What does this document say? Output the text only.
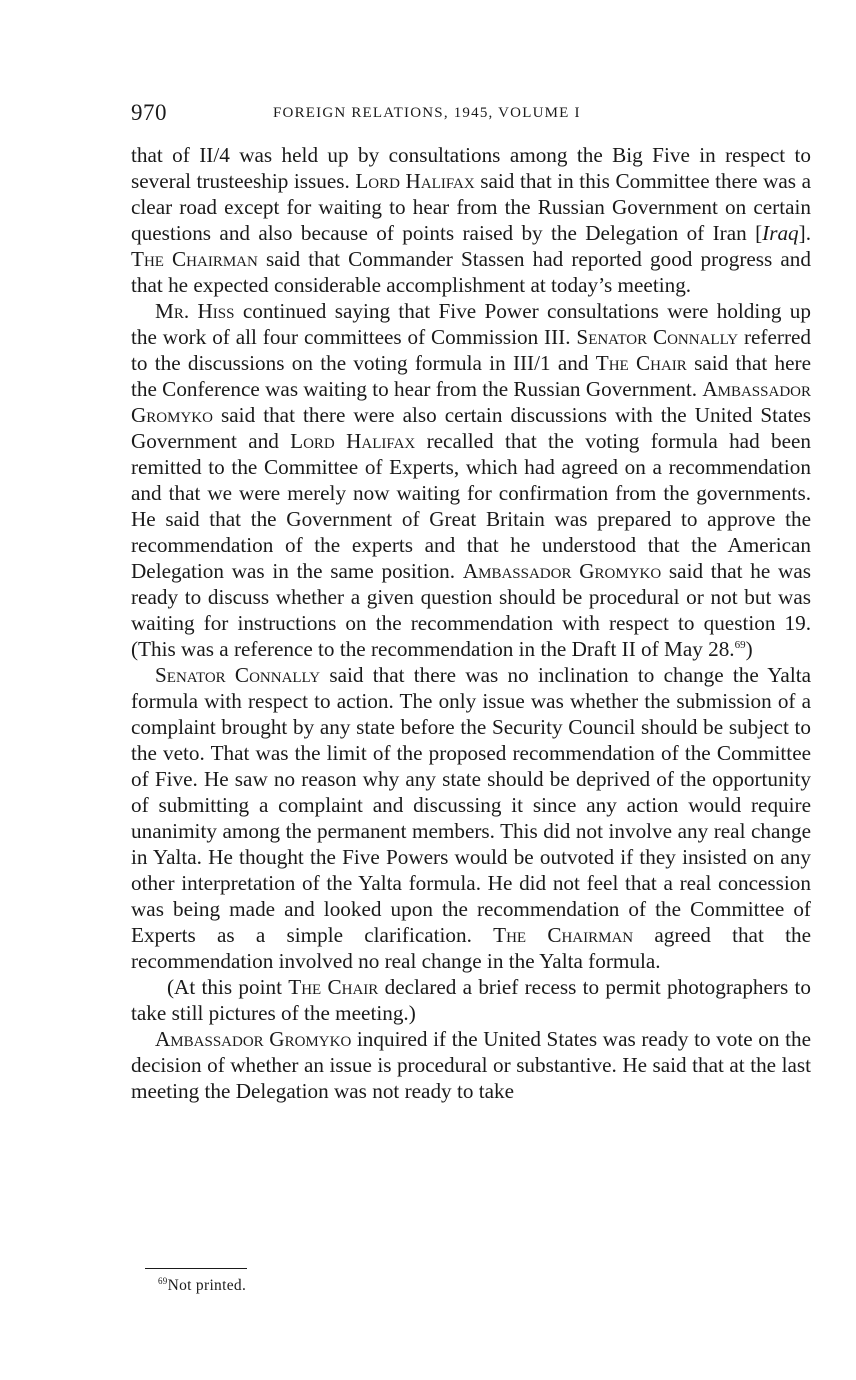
970	FOREIGN RELATIONS, 1945, VOLUME I

that of II/4 was held up by consultations among the Big Five in respect to several trusteeship issues. Lord Halifax said that in this Committee there was a clear road except for waiting to hear from the Russian Government on certain questions and also because of points raised by the Delegation of Iran [Iraq]. The Chairman said that Commander Stassen had reported good progress and that he expected considerable accomplishment at today’s meeting.

Mr. Hiss continued saying that Five Power consultations were holding up the work of all four committees of Commission III. Senator Connally referred to the discussions on the voting formula in III/1 and The Chair said that here the Conference was waiting to hear from the Russian Government. Ambassador Gromyko said that there were also certain discussions with the United States Government and Lord Halifax recalled that the voting formula had been remitted to the Committee of Experts, which had agreed on a recommendation and that we were merely now waiting for confirmation from the governments. He said that the Government of Great Britain was prepared to approve the recommendation of the experts and that he understood that the American Delegation was in the same position. Ambassador Gromyko said that he was ready to discuss whether a given question should be procedural or not but was waiting for instructions on the recommendation with respect to question 19. (This was a reference to the recommendation in the Draft II of May 28.69)

Senator Connally said that there was no inclination to change the Yalta formula with respect to action. The only issue was whether the submission of a complaint brought by any state before the Security Council should be subject to the veto. That was the limit of the proposed recommendation of the Committee of Five. He saw no reason why any state should be deprived of the opportunity of submitting a complaint and discussing it since any action would require unanimity among the permanent members. This did not involve any real change in Yalta. He thought the Five Powers would be outvoted if they insisted on any other interpretation of the Yalta formula. He did not feel that a real concession was being made and looked upon the recommendation of the Committee of Experts as a simple clarification. The Chairman agreed that the recommendation involved no real change in the Yalta formula.

(At this point The Chair declared a brief recess to permit photographers to take still pictures of the meeting.)

Ambassador Gromyko inquired if the United States was ready to vote on the decision of whether an issue is procedural or substantive. He said that at the last meeting the Delegation was not ready to take

$^{69}$Not printed.
